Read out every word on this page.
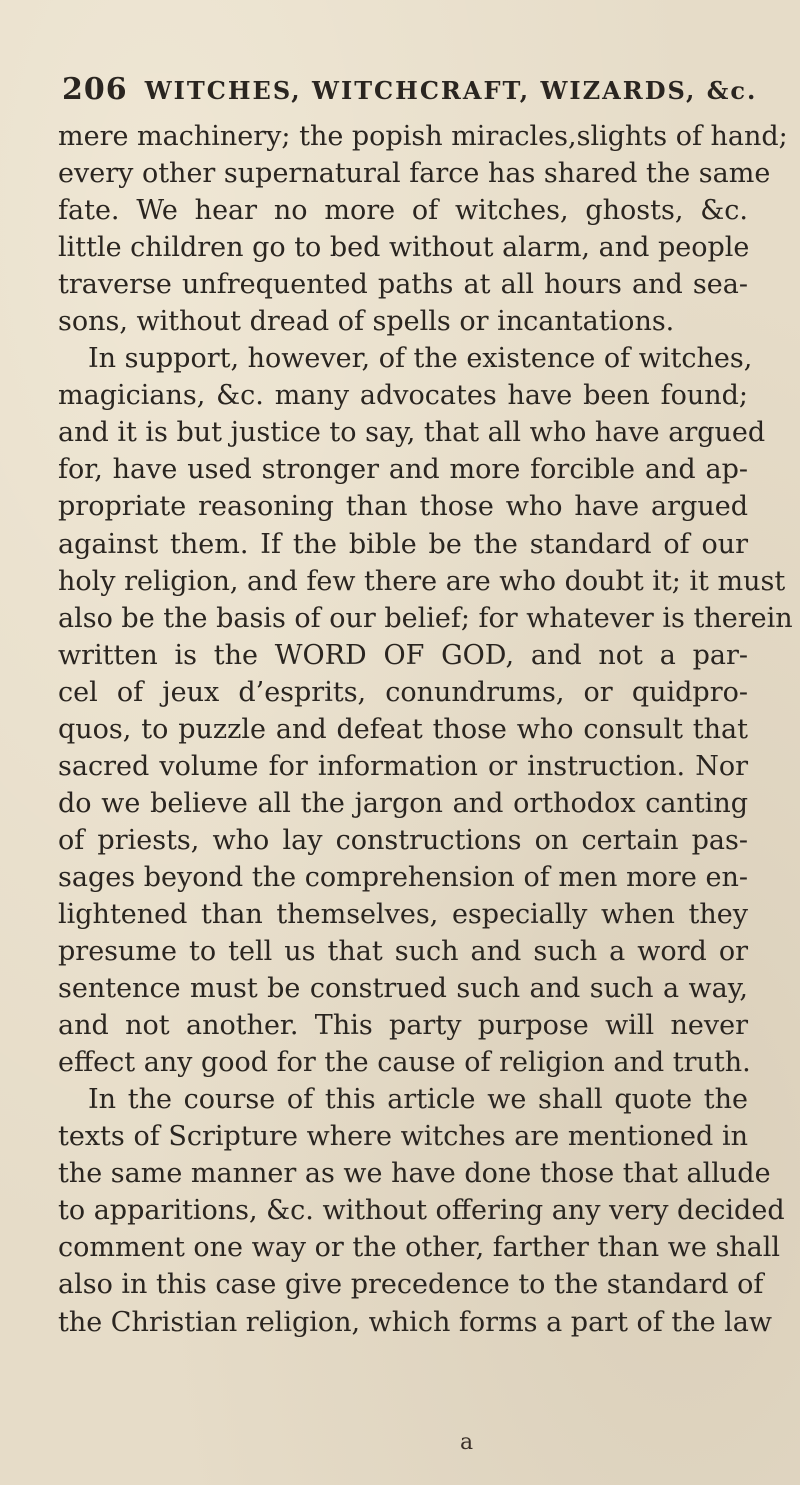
206 WITCHES, WITCHCRAFT, WIZARDS, &c.
mere machinery; the popish miracles,slights of hand;
every other supernatural farce has shared the same
fate. We hear no more of witches, ghosts, &c.
little children go to bed without alarm, and people
traverse unfrequented paths at all hours and sea-
sons, without dread of spells or incantations.
In support, however, of the existence of witches,
magicians, &c. many advocates have been found;
and it is but justice to say, that all who have argued
for, have used stronger and more forcible and ap-
propriate reasoning than those who have argued
against them. If the bible be the standard of our
holy religion, and few there are who doubt it; it must
also be the basis of our belief; for whatever is therein
written is the WORD OF GOD, and not a par-
cel of jeux d’esprits, conundrums, or quidpro-
quos, to puzzle and defeat those who consult that
sacred volume for information or instruction. Nor
do we believe all the jargon and orthodox canting
of priests, who lay constructions on certain pas-
sages beyond the comprehension of men more en-
lightened than themselves, especially when they
presume to tell us that such and such a word or
sentence must be construed such and such a way,
and not another. This party purpose will never
effect any good for the cause of religion and truth.
In the course of this article we shall quote the
texts of Scripture where witches are mentioned in
the same manner as we have done those that allude
to apparitions, &c. without offering any very decided
comment one way or the other, farther than we shall
also in this case give precedence to the standard of
the Christian religion, which forms a part of the law
a
